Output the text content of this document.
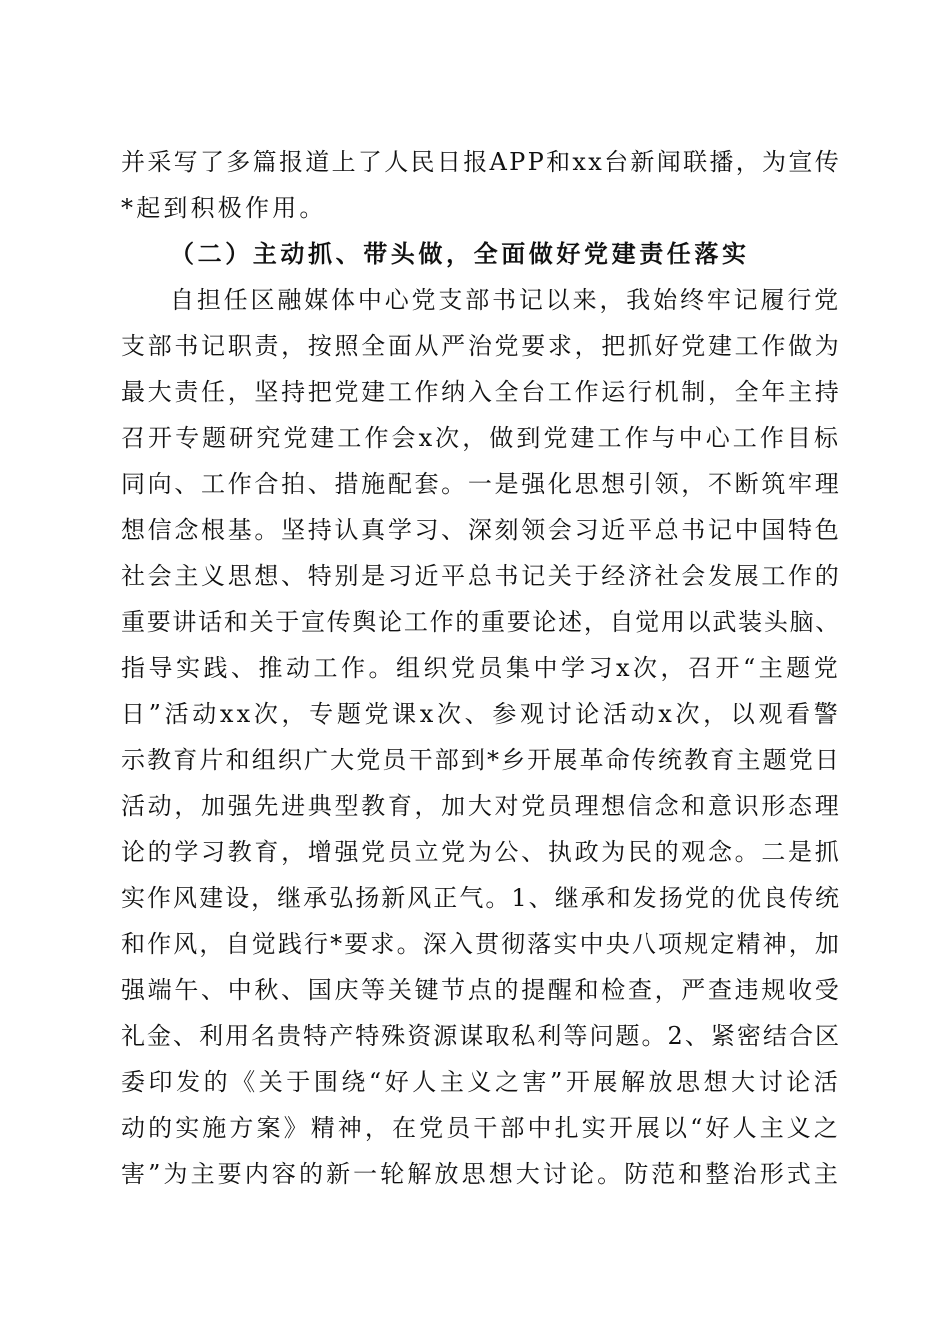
并采写了多篇报道上了人民日报APP和xx台新闻联播，为宣传
*起到积极作用。
（二）主动抓、带头做，全面做好党建责任落实
自担任区融媒体中心党支部书记以来，我始终牢记履行党
支部书记职责，按照全面从严治党要求，把抓好党建工作做为
最大责任，坚持把党建工作纳入全台工作运行机制，全年主持
召开专题研究党建工作会x次，做到党建工作与中心工作目标
同向、工作合拍、措施配套。一是强化思想引领，不断筑牢理
想信念根基。坚持认真学习、深刻领会习近平总书记中国特色
社会主义思想、特别是习近平总书记关于经济社会发展工作的
重要讲话和关于宣传舆论工作的重要论述，自觉用以武装头脑、
指导实践、推动工作。组织党员集中学习x次，召开“主题党
日”活动xx次，专题党课x次、参观讨论活动x次，以观看警
示教育片和组织广大党员干部到*乡开展革命传统教育主题党日
活动，加强先进典型教育，加大对党员理想信念和意识形态理
论的学习教育，增强党员立党为公、执政为民的观念。二是抓
实作风建设，继承弘扬新风正气。1、继承和发扬党的优良传统
和作风，自觉践行*要求。深入贯彻落实中央八项规定精神，加
强端午、中秋、国庆等关键节点的提醒和检查，严查违规收受
礼金、利用名贵特产特殊资源谋取私利等问题。2、紧密结合区
委印发的《关于围绕“好人主义之害”开展解放思想大讨论活
动的实施方案》精神，在党员干部中扎实开展以“好人主义之
害”为主要内容的新一轮解放思想大讨论。防范和整治形式主
